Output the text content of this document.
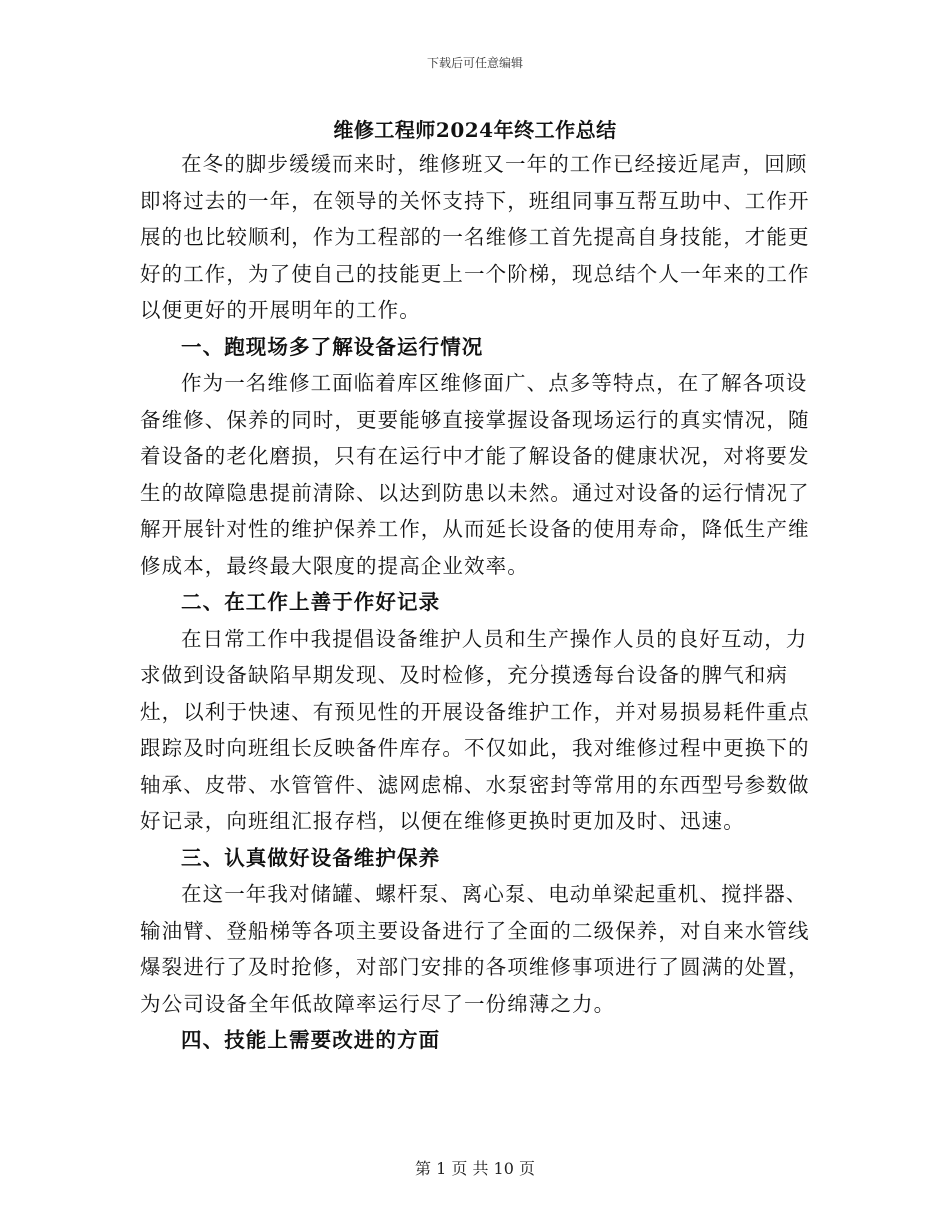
下载后可任意编辑
维修工程师2024年终工作总结

在冬的脚步缓缓而来时，维修班又一年的工作已经接近尾声，回顾即将过去的一年，在领导的关怀支持下，班组同事互帮互助中、工作开展的也比较顺利，作为工程部的一名维修工首先提高自身技能，才能更好的工作，为了使自己的技能更上一个阶梯，现总结个人一年来的工作以便更好的开展明年的工作。

一、跑现场多了解设备运行情况

作为一名维修工面临着库区维修面广、点多等特点，在了解各项设备维修、保养的同时，更要能够直接掌握设备现场运行的真实情况，随着设备的老化磨损，只有在运行中才能了解设备的健康状况，对将要发生的故障隐患提前清除、以达到防患以未然。通过对设备的运行情况了解开展针对性的维护保养工作，从而延长设备的使用寿命，降低生产维修成本，最终最大限度的提高企业效率。

二、在工作上善于作好记录

在日常工作中我提倡设备维护人员和生产操作人员的良好互动，力求做到设备缺陷早期发现、及时检修，充分摸透每台设备的脾气和病灶，以利于快速、有预见性的开展设备维护工作，并对易损易耗件重点跟踪及时向班组长反映备件库存。不仅如此，我对维修过程中更换下的轴承、皮带、水管管件、滤网虑棉、水泵密封等常用的东西型号参数做好记录，向班组汇报存档，以便在维修更换时更加及时、迅速。

三、认真做好设备维护保养

在这一年我对储罐、螺杆泵、离心泵、电动单梁起重机、搅拌器、输油臂、登船梯等各项主要设备进行了全面的二级保养，对自来水管线爆裂进行了及时抢修，对部门安排的各项维修事项进行了圆满的处置，为公司设备全年低故障率运行尽了一份绵薄之力。

四、技能上需要改进的方面
第 1 页 共 10 页
